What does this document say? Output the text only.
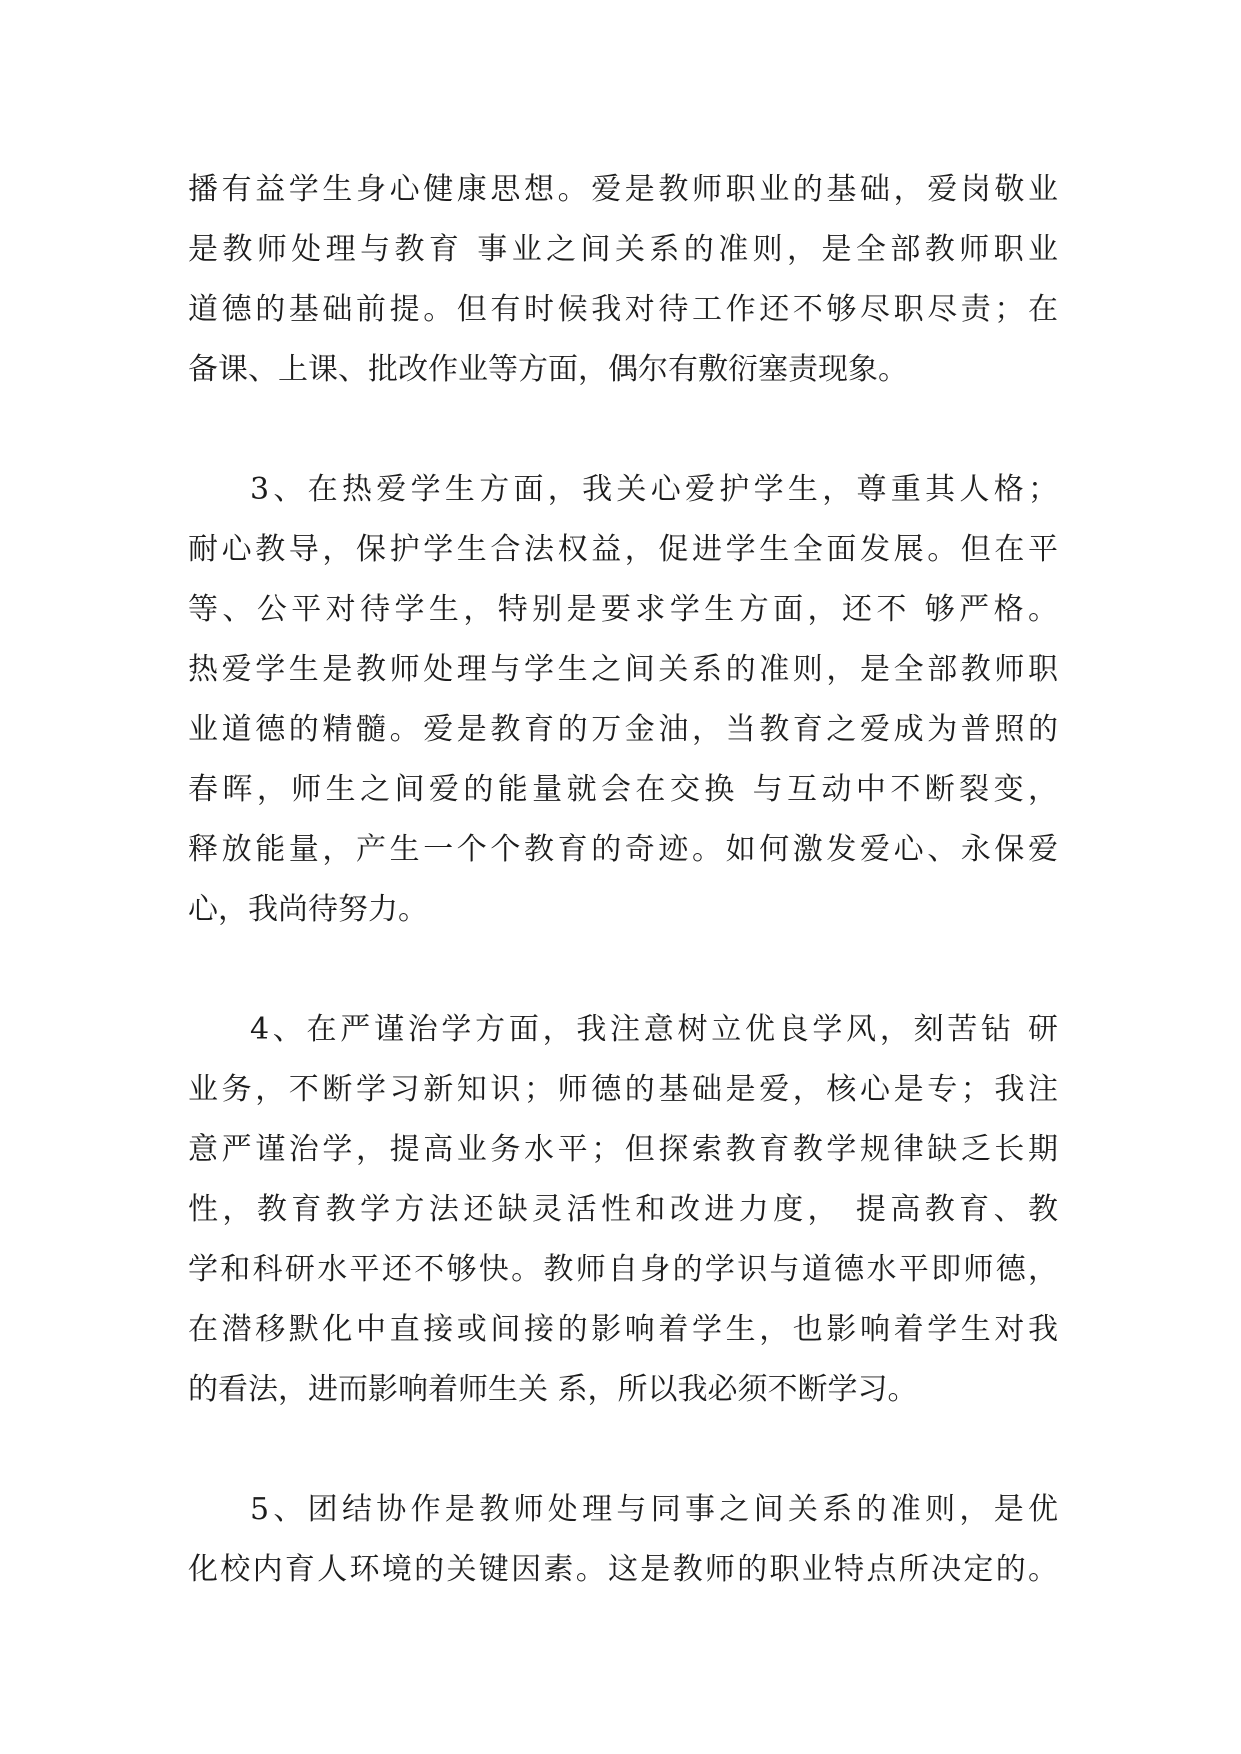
播有益学生身心健康思想。爱是教师职业的基础，爱岗敬业
是教师处理与教育 事业之间关系的准则，是全部教师职业
道德的基础前提。但有时候我对待工作还不够尽职尽责；在
备课、上课、批改作业等方面，偶尔有敷衍塞责现象。
3、在热爱学生方面，我关心爱护学生，尊重其人格；
耐心教导，保护学生合法权益，促进学生全面发展。但在平
等、公平对待学生，特别是要求学生方面，还不 够严格。
热爱学生是教师处理与学生之间关系的准则，是全部教师职
业道德的精髓。爱是教育的万金油，当教育之爱成为普照的
春晖，师生之间爱的能量就会在交换 与互动中不断裂变，
释放能量，产生一个个教育的奇迹。如何激发爱心、永保爱
心，我尚待努力。
4、在严谨治学方面，我注意树立优良学风，刻苦钻 研
业务，不断学习新知识；师德的基础是爱，核心是专；我注
意严谨治学，提高业务水平；但探索教育教学规律缺乏长期
性，教育教学方法还缺灵活性和改进力度， 提高教育、教
学和科研水平还不够快。教师自身的学识与道德水平即师德，
在潜移默化中直接或间接的影响着学生，也影响着学生对我
的看法，进而影响着师生关 系，所以我必须不断学习。
5、团结协作是教师处理与同事之间关系的准则，是优
化校内育人环境的关键因素。这是教师的职业特点所决定的。
